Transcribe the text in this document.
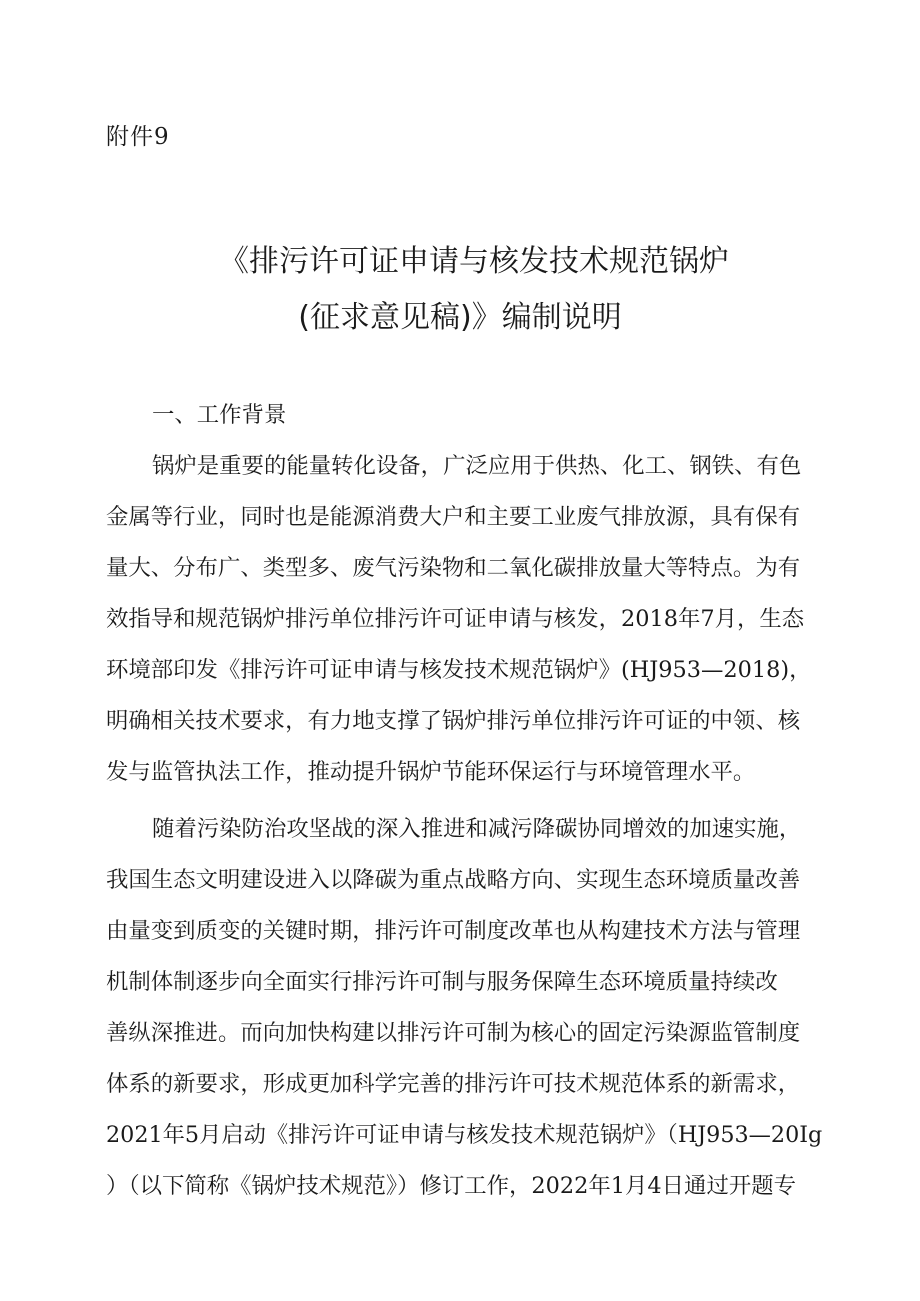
附件9
《排污许可证申请与核发技术规范锅炉
(征求意见稿)》编制说明
一、工作背景
锅炉是重要的能量转化设备，广泛应用于供热、化工、钢铁、有色
金属等行业，同时也是能源消费大户和主要工业废气排放源，具有保有
量大、分布广、类型多、废气污染物和二氧化碳排放量大等特点。为有
效指导和规范锅炉排污单位排污许可证申请与核发，2018年7月，生态
环境部印发《排污许可证申请与核发技术规范锅炉》(HJ953—2018)，
明确相关技术要求，有力地支撑了锅炉排污单位排污许可证的中领、核
发与监管执法工作，推动提升锅炉节能环保运行与环境管理水平。
随着污染防治攻坚战的深入推进和减污降碳协同增效的加速实施，
我国生态文明建设进入以降碳为重点战略方向、实现生态环境质量改善
由量变到质变的关键时期，排污许可制度改革也从构建技术方法与管理
机制体制逐步向全面实行排污许可制与服务保障生态环境质量持续改
善纵深推进。而向加快构建以排污许可制为核心的固定污染源监管制度
体系的新要求，形成更加科学完善的排污许可技术规范体系的新需求，
2021年5月启动《排污许可证申请与核发技术规范锅炉》（HJ953—20Ig
）（以下简称《锅炉技术规范》）修订工作，2022年1月4日通过开题专
